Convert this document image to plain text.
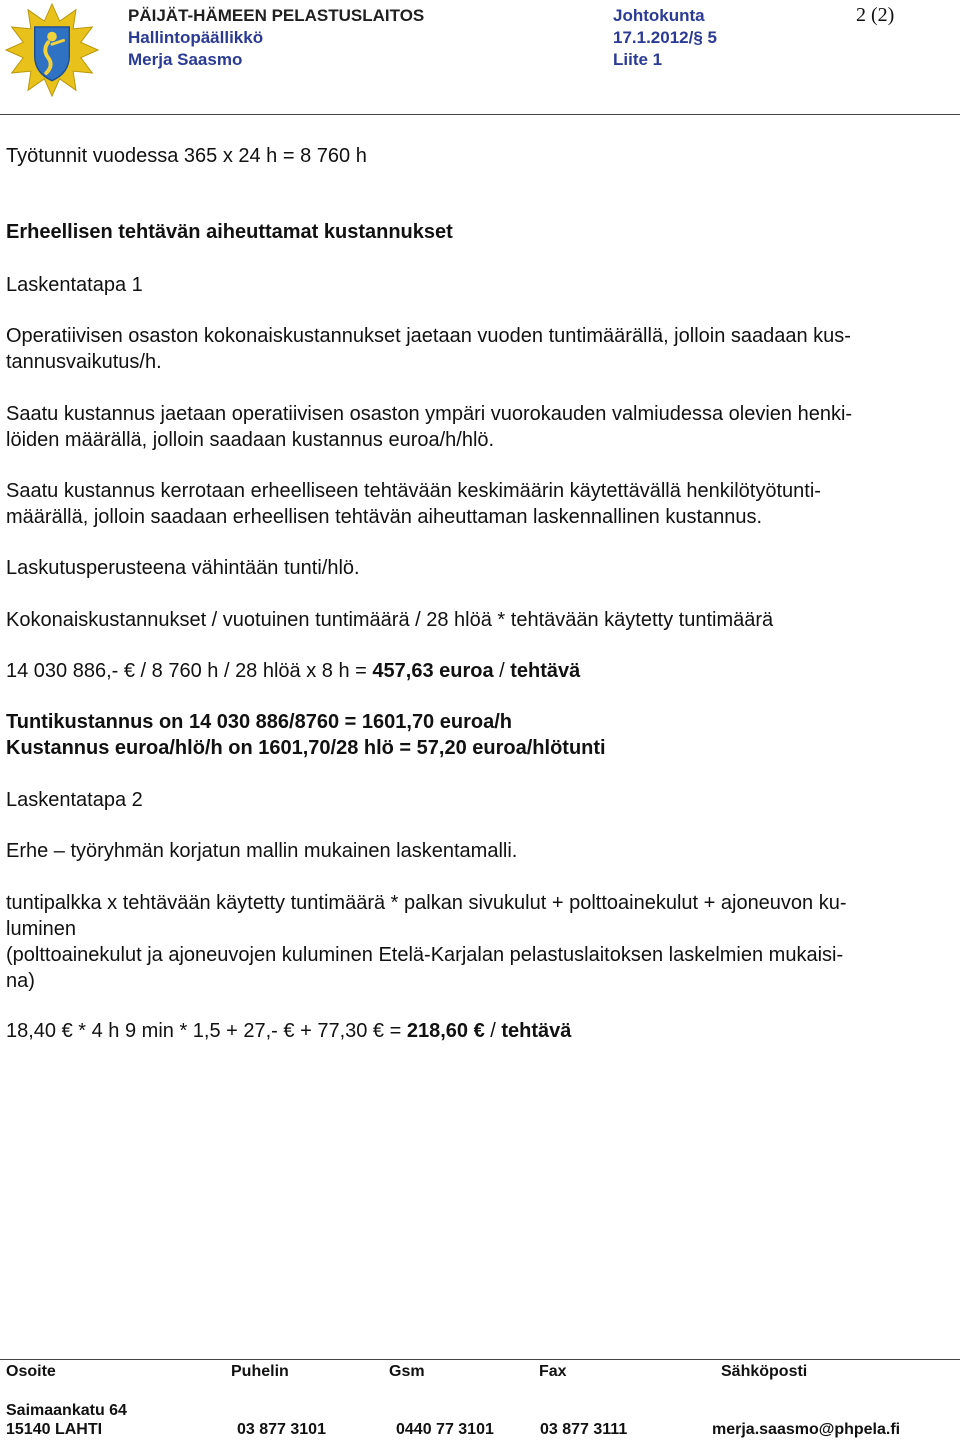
PÄIJÄT-HÄMEEN PELASTUSLAITOS
Hallintopäällikkö
Merja Saasmo
Johtokunta
17.1.2012/§ 5
Liite 1
2 (2)
Työtunnit vuodessa 365 x 24 h = 8 760 h
Erheellisen tehtävän aiheuttamat kustannukset
Laskentatapa 1
Operatiivisen osaston kokonaiskustannukset jaetaan vuoden tuntimäärällä, jolloin saadaan kus-
tannusvaikutus/h.
Saatu kustannus jaetaan operatiivisen osaston ympäri vuorokauden valmiudessa olevien henki-
löiden määrällä, jolloin saadaan kustannus euroa/h/hlö.
Saatu kustannus kerrotaan erheelliseen tehtävään keskimäärin käytettävällä henkilötyötunti-
määrällä, jolloin saadaan erheellisen tehtävän aiheuttaman laskennallinen kustannus.
Laskutusperusteena vähintään tunti/hlö.
Kokonaiskustannukset / vuotuinen tuntimäärä / 28 hlöä * tehtävään käytetty tuntimäärä
14 030 886,- € / 8 760 h / 28 hlöä x 8 h = 457,63 euroa / tehtävä
Tuntikustannus on 14 030 886/8760 = 1601,70 euroa/h
Kustannus euroa/hlö/h on 1601,70/28 hlö = 57,20 euroa/hlötunti
Laskentatapa 2
Erhe – työryhmän korjatun mallin mukainen laskentamalli.
tuntipalkka x tehtävään käytetty tuntimäärä * palkan sivukulut + polttoainekulut + ajoneuvon ku-
luminen
(polttoainekulut ja ajoneuvojen kuluminen Etelä-Karjalan pelastuslaitoksen laskelmien mukaisi-
na)
18,40 € * 4 h 9 min * 1,5 + 27,- € + 77,30 € = 218,60 € / tehtävä
Osoite	Puhelin	Gsm	Fax	Sähköposti
Saimaankatu 64
15140 LAHTI	03 877 3101	0440 77 3101	03 877 3111	merja.saasmo@phpela.fi
